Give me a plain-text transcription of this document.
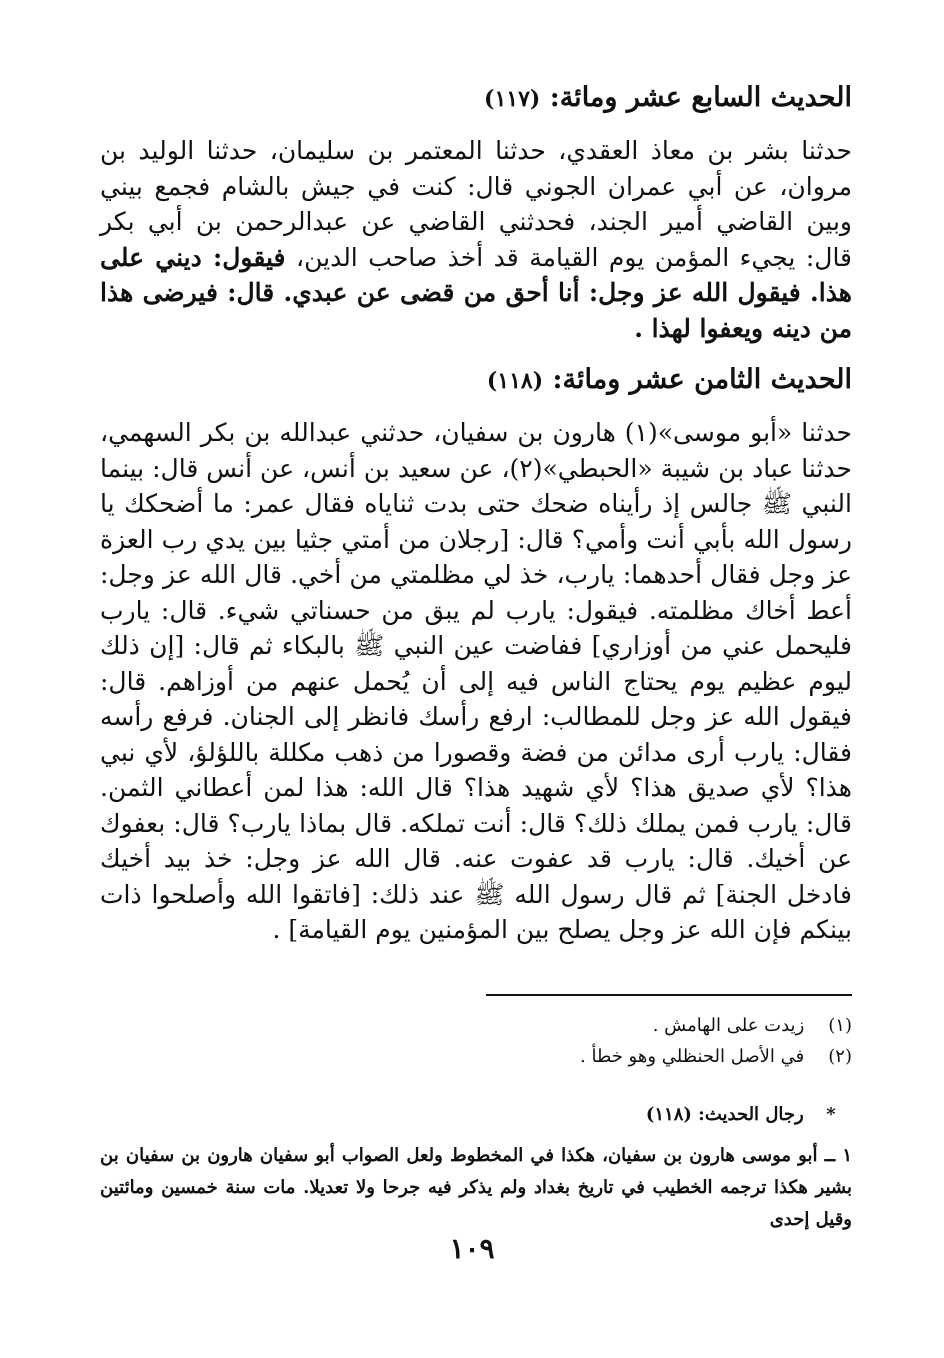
الحديث السابع عشر ومائة: (١١٧)

حدثنا بشر بن معاذ العقدي، حدثنا المعتمر بن سليمان، حدثنا الوليد بن مروان، عن أبي عمران الجوني قال: كنت في جيش بالشام فجمع بيني وبين القاضي أمير الجند، فحدثني القاضي عن عبدالرحمن بن أبي بكر قال: يجيء المؤمن يوم القيامة قد أخذ صاحب الدين، فيقول: ديني على هذا. فيقول الله عز وجل: أنا أحق من قضى عن عبدي. قال: فيرضى هذا من دينه ويعفوا لهذا .

الحديث الثامن عشر ومائة: (١١٨)

حدثنا «أبو موسى»(١) هارون بن سفيان، حدثني عبدالله بن بكر السهمي، حدثنا عباد بن شيبة «الحبطي»(٢)، عن سعيد بن أنس، عن أنس قال: بينما النبي ﷺ جالس إذ رأيناه ضحك حتى بدت ثناياه فقال عمر: ما أضحكك يا رسول الله بأبي أنت وأمي؟ قال: [رجلان من أمتي جثيا بين يدي رب العزة عز وجل فقال أحدهما: يارب، خذ لي مظلمتي من أخي. قال الله عز وجل: أعط أخاك مظلمته. فيقول: يارب لم يبق من حسناتي شيء. قال: يارب فليحمل عني من أوزاري] ففاضت عين النبي ﷺ بالبكاء ثم قال: [إن ذلك ليوم عظيم يوم يحتاج الناس فيه إلى أن يُحمل عنهم من أوزاهم. قال: فيقول الله عز وجل للمطالب: ارفع رأسك فانظر إلى الجنان. فرفع رأسه فقال: يارب أرى مدائن من فضة وقصورا من ذهب مكللة باللؤلؤ، لأي نبي هذا؟ لأي صديق هذا؟ لأي شهيد هذا؟ قال الله: هذا لمن أعطاني الثمن. قال: يارب فمن يملك ذلك؟ قال: أنت تملكه. قال بماذا يارب؟ قال: بعفوك عن أخيك. قال: يارب قد عفوت عنه. قال الله عز وجل: خذ بيد أخيك فادخل الجنة] ثم قال رسول الله ﷺ عند ذلك: [فاتقوا الله وأصلحوا ذات بينكم فإن الله عز وجل يصلح بين المؤمنين يوم القيامة] .

(١) زيدت على الهامش .
(٢) في الأصل الحنظلي وهو خطأ .
* رجال الحديث: (١١٨)
١ ــ أبو موسى هارون بن سفيان، هكذا في المخطوط ولعل الصواب أبو سفيان هارون بن سفيان بن بشير هكذا ترجمه الخطيب في تاريخ بغداد ولم يذكر فيه جرحا ولا تعديلا. مات سنة خمسين ومائتين وقيل إحدى
١٠٩
